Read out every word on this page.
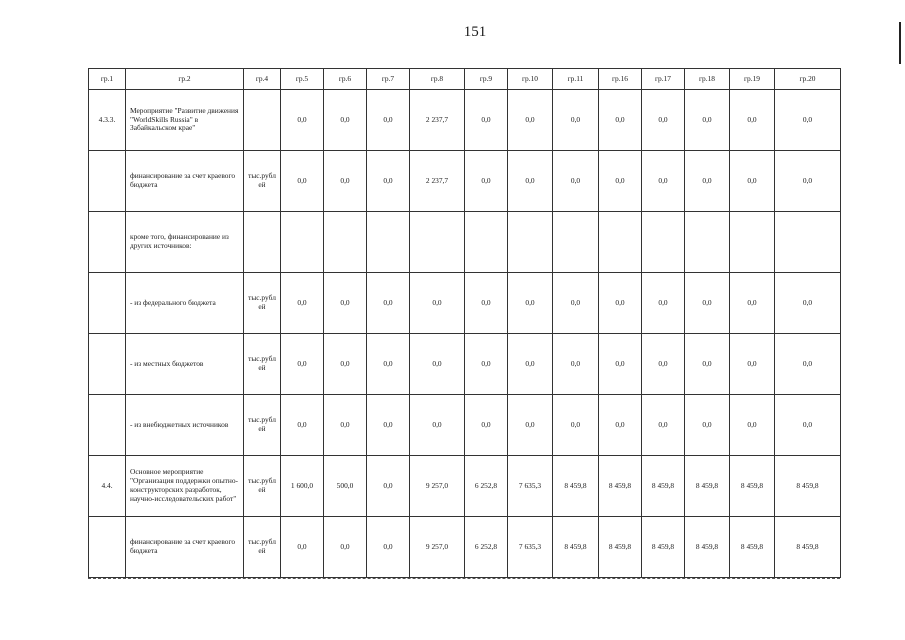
151
гр.1	гр.2	гр.4	гр.5	гр.6	гр.7	гр.8	гр.9	гр.10	гр.11	гр.16	гр.17	гр.18	гр.19	гр.20
4.3.3.	Мероприятие "Развитие движения "WorldSkills Russia" в Забайкальском крае"		0,0	0,0	0,0	2 237,7	0,0	0,0	0,0	0,0	0,0	0,0	0,0	0,0
	финансирование за счет краевого бюджета	тыс.рубл ей	0,0	0,0	0,0	2 237,7	0,0	0,0	0,0	0,0	0,0	0,0	0,0	0,0
	кроме того, финансирование из других источников:													
	- из федерального бюджета	тыс.рубл ей	0,0	0,0	0,0	0,0	0,0	0,0	0,0	0,0	0,0	0,0	0,0	0,0
	- из местных бюджетов	тыс.рубл ей	0,0	0,0	0,0	0,0	0,0	0,0	0,0	0,0	0,0	0,0	0,0	0,0
	- из внебюджетных источников	тыс.рубл ей	0,0	0,0	0,0	0,0	0,0	0,0	0,0	0,0	0,0	0,0	0,0	0,0
4.4.	Основное мероприятие "Организация поддержки опытно-конструкторских разработок, научно-исследовательских работ"	тыс.рубл ей	1 600,0	500,0	0,0	9 257,0	6 252,8	7 635,3	8 459,8	8 459,8	8 459,8	8 459,8	8 459,8	8 459,8
	финансирование за счет краевого бюджета	тыс.рубл ей	0,0	0,0	0,0	9 257,0	6 252,8	7 635,3	8 459,8	8 459,8	8 459,8	8 459,8	8 459,8	8 459,8
